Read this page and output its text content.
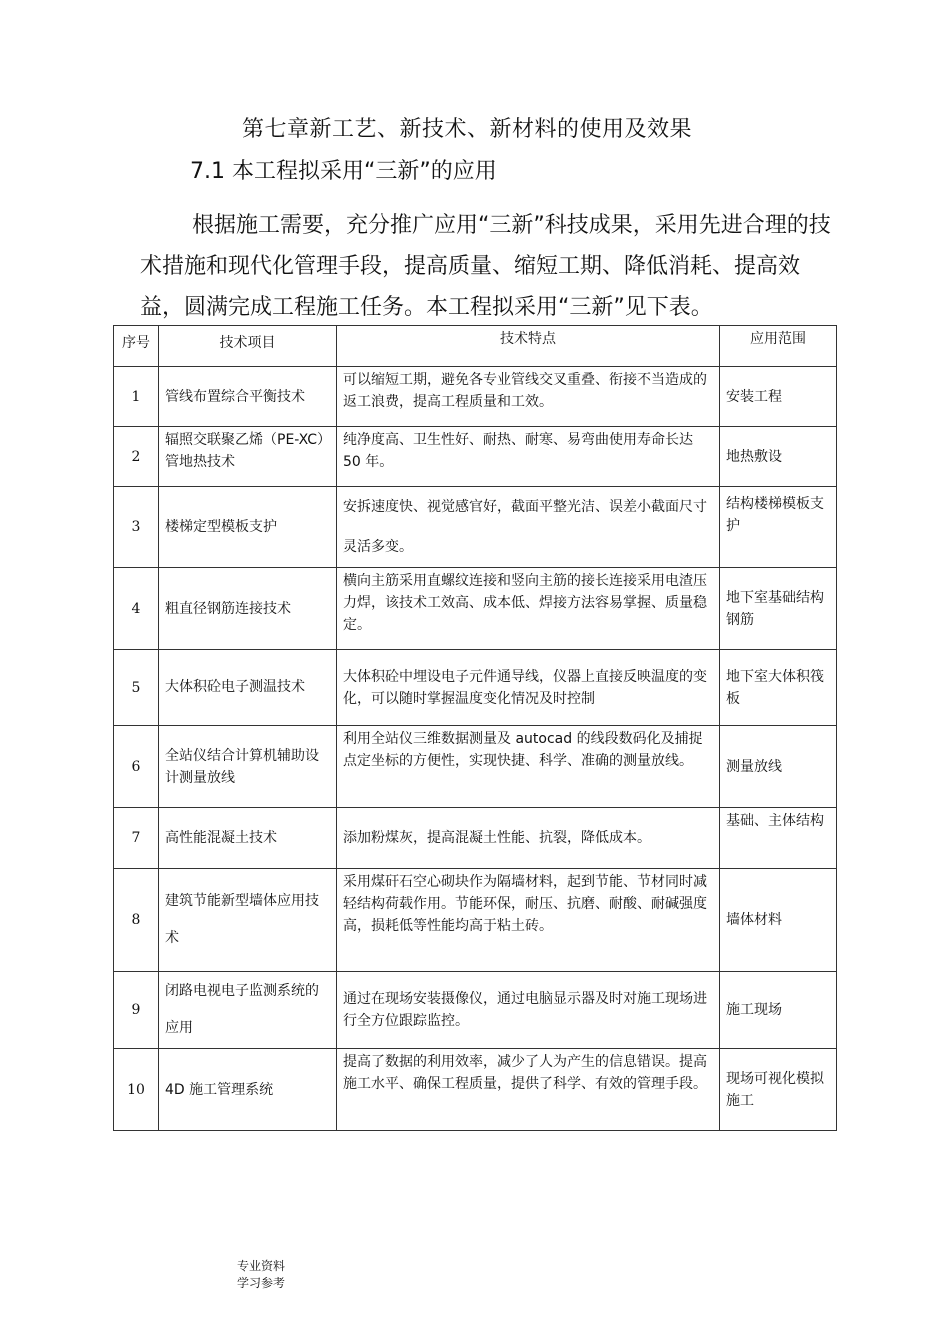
第七章新工艺、新技术、新材料的使用及效果
7.1 本工程拟采用“三新”的应用
根据施工需要，充分推广应用“三新”科技成果，采用先进合理的技术措施和现代化管理手段，提高质量、缩短工期、降低消耗、提高效益，圆满完成工程施工任务。本工程拟采用“三新”见下表。
序号	技术项目	技术特点	应用范围
1	管线布置综合平衡技术	可以缩短工期，避免各专业管线交叉重叠、衔接不当造成的返工浪费，提高工程质量和工效。	安装工程
2	辐照交联聚乙烯（PE-XC）管地热技术	纯净度高、卫生性好、耐热、耐寒、易弯曲使用寿命长达 50 年。	地热敷设
3	楼梯定型模板支护	安拆速度快、视觉感官好，截面平整光洁、误差小截面尺寸灵活多变。	结构楼梯模板支护
4	粗直径钢筋连接技术	横向主筋采用直螺纹连接和竖向主筋的接长连接采用电渣压力焊，该技术工效高、成本低、焊接方法容易掌握、质量稳定。	地下室基础结构钢筋
5	大体积砼电子测温技术	大体积砼中埋设电子元件通导线，仪器上直接反映温度的变化，可以随时掌握温度变化情况及时控制	地下室大体积筏板
6	全站仪结合计算机辅助设计测量放线	利用全站仪三维数据测量及 autocad 的线段数码化及捕捉点定坐标的方便性，实现快捷、科学、准确的测量放线。	测量放线
7	高性能混凝土技术	添加粉煤灰，提高混凝土性能、抗裂，降低成本。	基础、主体结构
8	建筑节能新型墙体应用技术	采用煤矸石空心砌块作为隔墙材料，起到节能、节材同时减轻结构荷载作用。节能环保，耐压、抗磨、耐酸、耐碱强度高，损耗低等性能均高于粘土砖。	墙体材料
9	闭路电视电子监测系统的应用	通过在现场安装摄像仪，通过电脑显示器及时对施工现场进行全方位跟踪监控。	施工现场
10	4D 施工管理系统	提高了数据的利用效率，减少了人为产生的信息错误。提高施工水平、确保工程质量，提供了科学、有效的管理手段。	现场可视化模拟施工
专业资料学习参考
